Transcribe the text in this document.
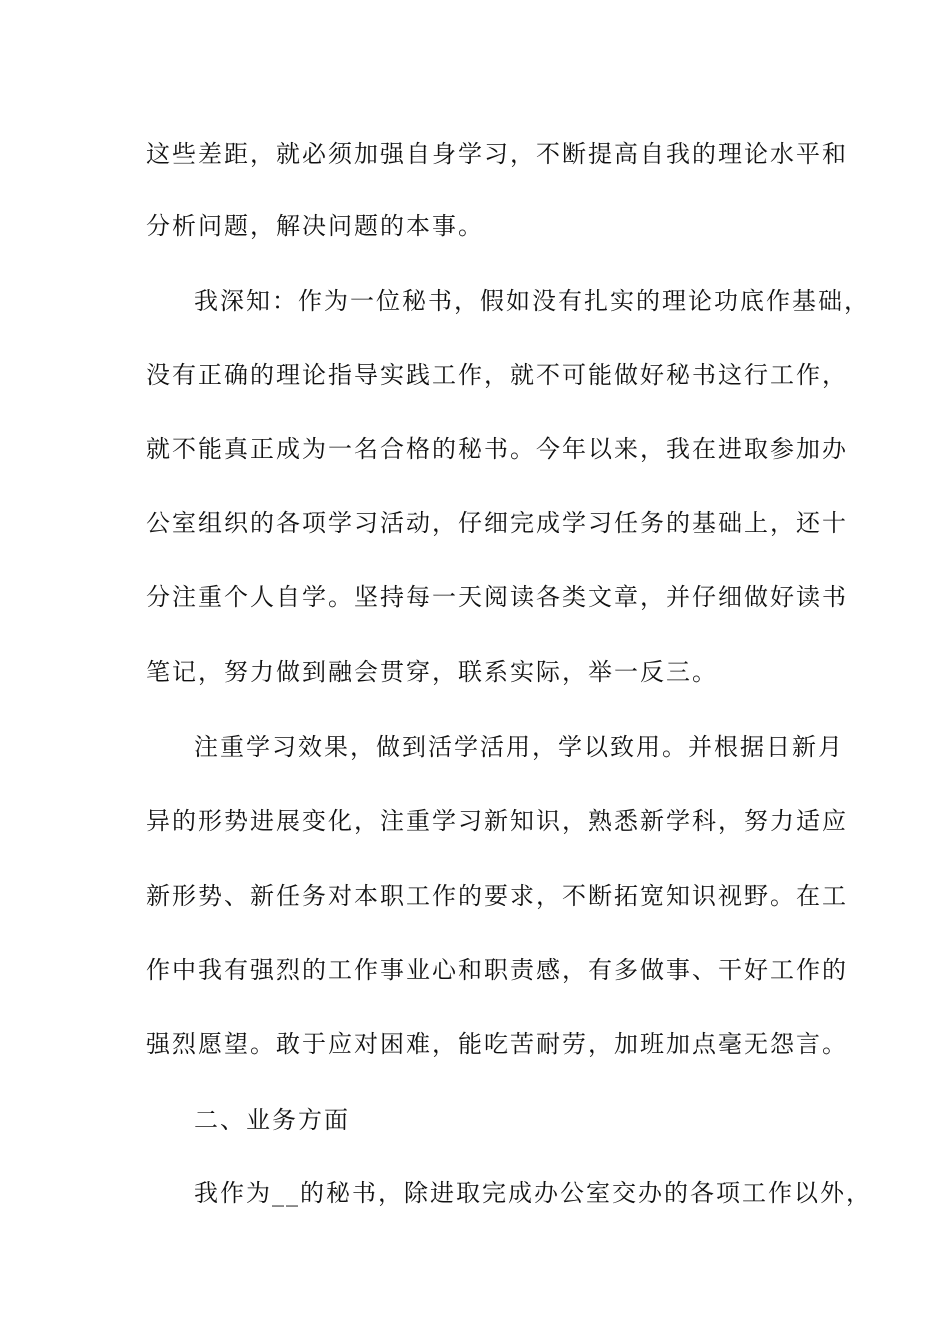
这些差距，就必须加强自身学习，不断提高自我的理论水平和
分析问题，解决问题的本事。
我深知：作为一位秘书，假如没有扎实的理论功底作基础，
没有正确的理论指导实践工作，就不可能做好秘书这行工作，
就不能真正成为一名合格的秘书。今年以来，我在进取参加办
公室组织的各项学习活动，仔细完成学习任务的基础上，还十
分注重个人自学。坚持每一天阅读各类文章，并仔细做好读书
笔记，努力做到融会贯穿，联系实际，举一反三。
注重学习效果，做到活学活用，学以致用。并根据日新月
异的形势进展变化，注重学习新知识，熟悉新学科，努力适应
新形势、新任务对本职工作的要求，不断拓宽知识视野。在工
作中我有强烈的工作事业心和职责感，有多做事、干好工作的
强烈愿望。敢于应对困难，能吃苦耐劳，加班加点毫无怨言。
二、业务方面
我作为__的秘书，除进取完成办公室交办的各项工作以外，
